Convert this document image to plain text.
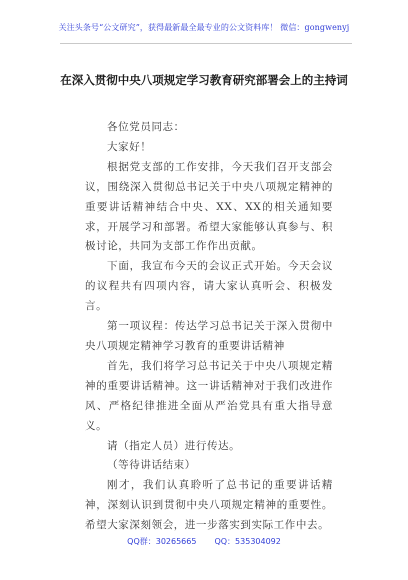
关注头条号“公文研究”，获得最新最全最专业的公文资料库！ 微信：gongwenyj
在深入贯彻中央八项规定学习教育研究部署会上的主持词

各位党员同志：

大家好！

根据党支部的工作安排，今天我们召开支部会议，围绕深入贯彻总书记关于中央八项规定精神的重要讲话精神结合中央、XX、XX的相关通知要求，开展学习和部署。希望大家能够认真参与、积极讨论，共同为支部工作作出贡献。

下面，我宣布今天的会议正式开始。今天会议的议程共有四项内容，请大家认真听会、积极发言。

第一项议程：传达学习总书记关于深入贯彻中央八项规定精神学习教育的重要讲话精神

首先，我们将学习总书记关于中央八项规定精神的重要讲话精神。这一讲话精神对于我们改进作风、严格纪律推进全面从严治党具有重大指导意义。

请（指定人员）进行传达。

（等待讲话结束）

刚才，我们认真聆听了总书记的重要讲话精神，深刻认识到贯彻中央八项规定精神的重要性。希望大家深刻领会，进一步落实到实际工作中去。

QQ群：30265665 QQ：535304092
